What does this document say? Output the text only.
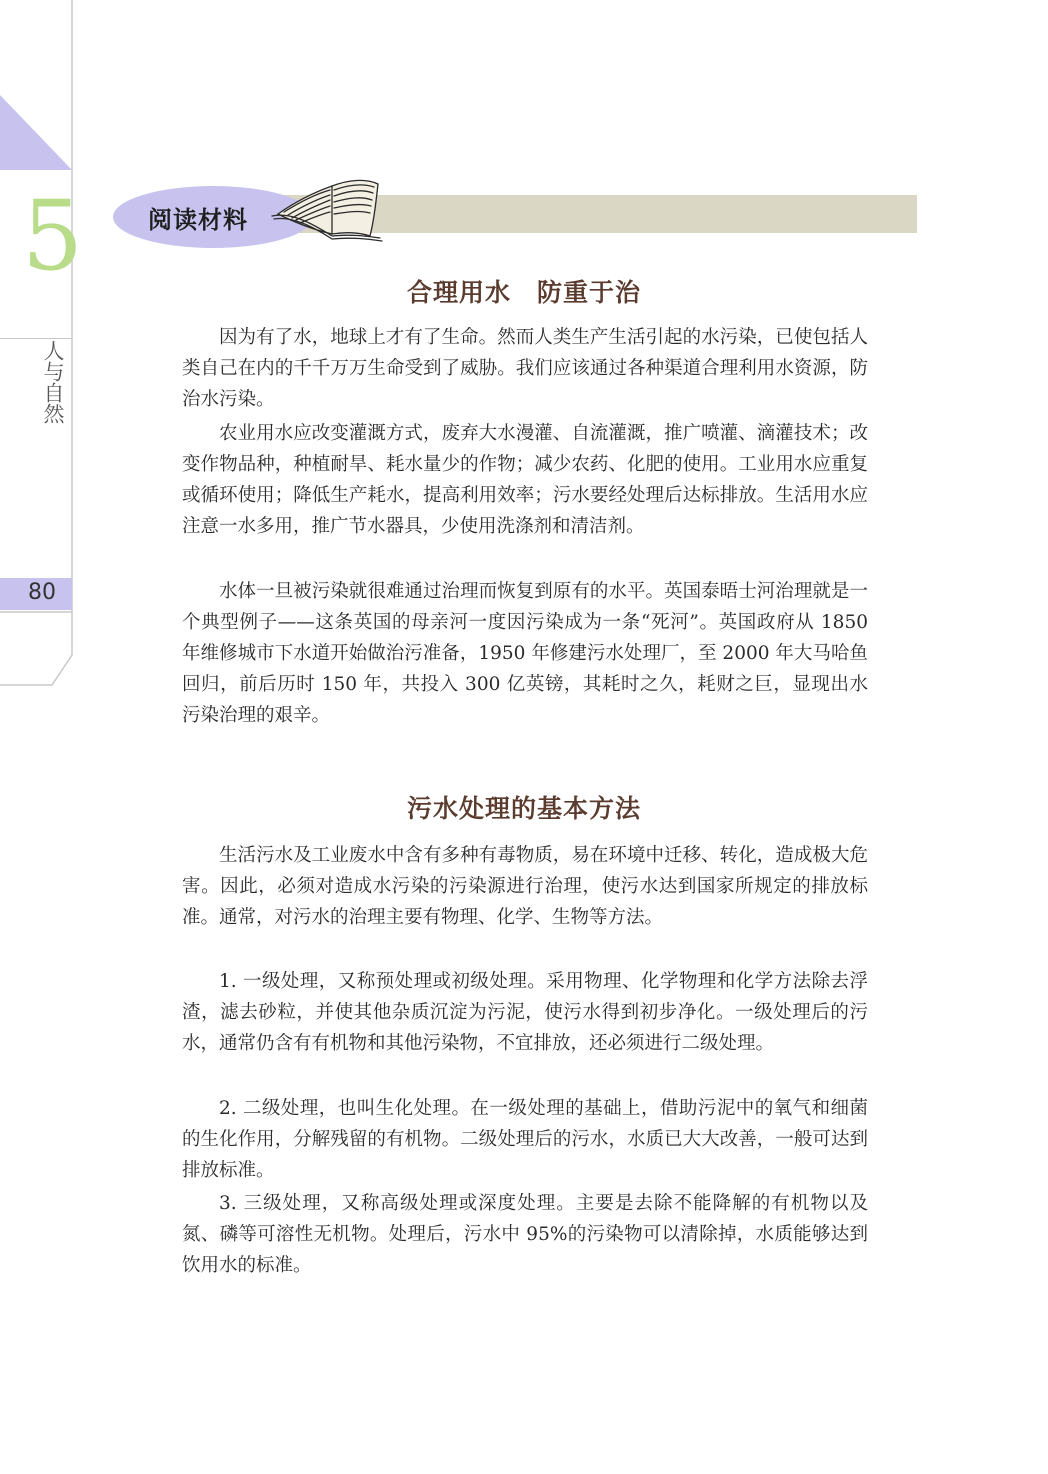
5
人与自然
80
阅读材料
合理用水　防重于治

因为有了水，地球上才有了生命。然而人类生产生活引起的水污染，已使包括人类自己在内的千千万万生命受到了威胁。我们应该通过各种渠道合理利用水资源，防治水污染。

农业用水应改变灌溉方式，废弃大水漫灌、自流灌溉，推广喷灌、滴灌技术；改变作物品种，种植耐旱、耗水量少的作物；减少农药、化肥的使用。工业用水应重复或循环使用；降低生产耗水，提高利用效率；污水要经处理后达标排放。生活用水应注意一水多用，推广节水器具，少使用洗涤剂和清洁剂。

水体一旦被污染就很难通过治理而恢复到原有的水平。英国泰晤士河治理就是一个典型例子——这条英国的母亲河一度因污染成为一条“死河”。英国政府从 1850 年维修城市下水道开始做治污准备，1950 年修建污水处理厂，至 2000 年大马哈鱼回归，前后历时 150 年，共投入 300 亿英镑，其耗时之久，耗财之巨，显现出水污染治理的艰辛。

污水处理的基本方法

生活污水及工业废水中含有多种有毒物质，易在环境中迁移、转化，造成极大危害。因此，必须对造成水污染的污染源进行治理，使污水达到国家所规定的排放标准。通常，对污水的治理主要有物理、化学、生物等方法。

1. 一级处理，又称预处理或初级处理。采用物理、化学物理和化学方法除去浮渣，滤去砂粒，并使其他杂质沉淀为污泥，使污水得到初步净化。一级处理后的污水，通常仍含有有机物和其他污染物，不宜排放，还必须进行二级处理。

2. 二级处理，也叫生化处理。在一级处理的基础上，借助污泥中的氧气和细菌的生化作用，分解残留的有机物。二级处理后的污水，水质已大大改善，一般可达到排放标准。

3. 三级处理，又称高级处理或深度处理。主要是去除不能降解的有机物以及氮、磷等可溶性无机物。处理后，污水中 95%的污染物可以清除掉，水质能够达到饮用水的标准。
